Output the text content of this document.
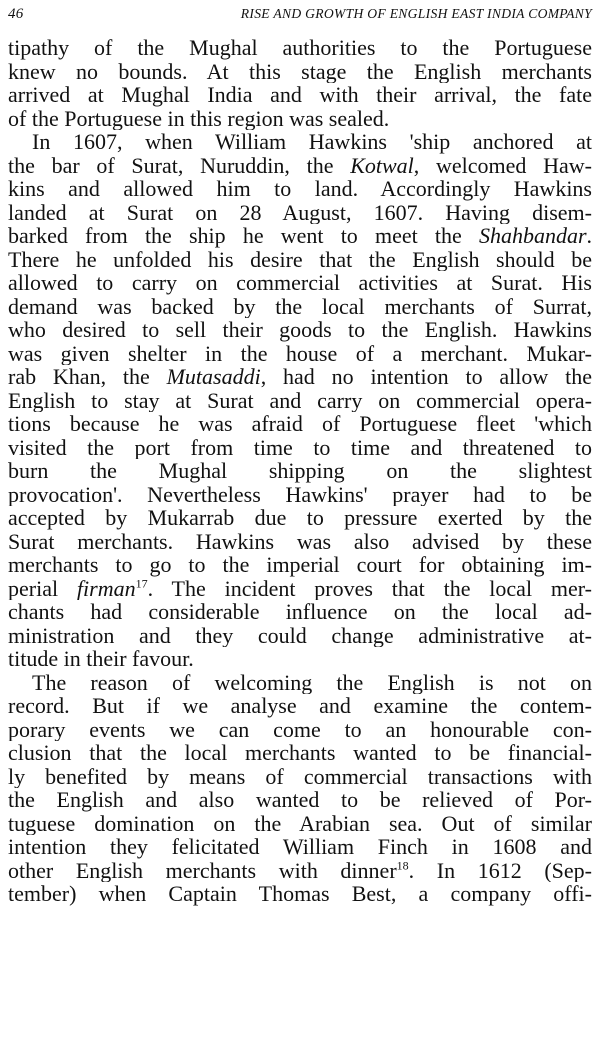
46	RISE AND GROWTH OF ENGLISH EAST INDIA COMPANY
tipathy of the Mughal authorities to the Portuguese
knew no bounds. At this stage the English merchants
arrived at Mughal India and with their arrival, the fate
of the Portuguese in this region was sealed.
In 1607, when William Hawkins 'ship anchored at
the bar of Surat, Nuruddin, the Kotwal, welcomed Haw-
kins and allowed him to land. Accordingly Hawkins
landed at Surat on 28 August, 1607. Having disem-
barked from the ship he went to meet the Shahbandar.
There he unfolded his desire that the English should be
allowed to carry on commercial activities at Surat. His
demand was backed by the local merchants of Surrat,
who desired to sell their goods to the English. Hawkins
was given shelter in the house of a merchant. Mukar-
rab Khan, the Mutasaddi, had no intention to allow the
English to stay at Surat and carry on commercial opera-
tions because he was afraid of Portuguese fleet 'which
visited the port from time to time and threatened to
burn the Mughal shipping on the slightest
provocation'. Nevertheless Hawkins' prayer had to be
accepted by Mukarrab due to pressure exerted by the
Surat merchants. Hawkins was also advised by these
merchants to go to the imperial court for obtaining im-
perial firman$^{17}$. The incident proves that the local mer-
chants had considerable influence on the local ad-
ministration and they could change administrative at-
titude in their favour.
The reason of welcoming the English is not on
record. But if we analyse and examine the contem-
porary events we can come to an honourable con-
clusion that the local merchants wanted to be financial-
ly benefited by means of commercial transactions with
the English and also wanted to be relieved of Por-
tuguese domination on the Arabian sea. Out of similar
intention they felicitated William Finch in 1608 and
other English merchants with dinner$^{18}$. In 1612 (Sep-
tember) when Captain Thomas Best, a company offi-
